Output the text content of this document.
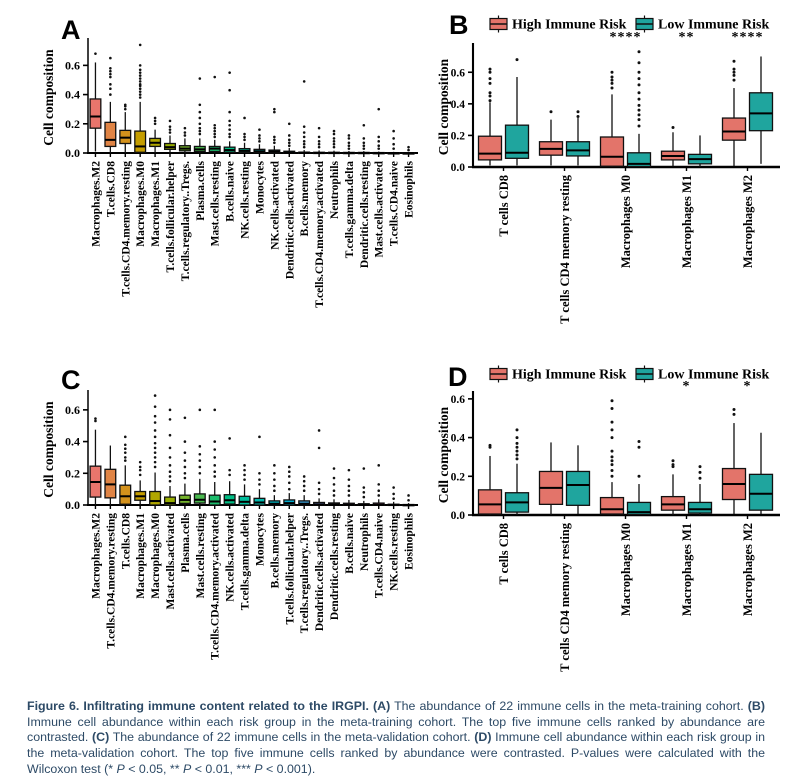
A
Cell composition
0.0
0.2
0.4
0.6
Macrophages.M2 T.cells.CD8 T.cells.CD4.memory.resting Macrophages.M0 Macrophages.M1 T.cells.follicular.helper T.cells.regulatory..Tregs. Plasma.cells Mast.cells.resting B.cells.naive NK.cells.resting Monocytes NK.cells.activated Dendritic.cells.activated B.cells.memory T.cells.CD4.memory.activated Neutrophils T.cells.gamma.delta Dendritic.cells.resting Mast.cells.activated T.cells.CD4.naive Eosinophils
B
Cell composition
0.0
0.2
0.4
0.6
T cells CD8	T cells CD4 memory resting	Macrophages M0
****
Macrophages M1
**
Macrophages M2
****
High Immune Risk Low Immune Risk
C
Cell composition
0.0
0.2
0.4
0.6
Macrophages.M2 T.cells.CD4.memory.resting T.cells.CD8 Macrophages.M1 Macrophages.M0 Mast.cells.activated Plasma.cells Mast.cells.resting T.cells.CD4.memory.activated NK.cells.activated T.cells.gamma.delta Monocytes B.cells.memory T.cells.follicular.helper T.cells.regulatory..Tregs. Dendritic.cells.activated Dendritic.cells.resting B.cells.naive Neutrophils T.cells.CD4.naive NK.cells.resting Eosinophils
D
Cell composition
0.0
0.2
0.4
0.6
T cells CD8	T cells CD4 memory resting	Macrophages M0	Macrophages M1
*
Macrophages M2
*
High Immune Risk Low Immune Risk

Figure 6. Infiltrating immune content related to the IRGPI. (A) The abundance of 22 immune cells in the meta-training cohort. (B) Immune cell abundance within each risk group in the meta-training cohort. The top five immune cells ranked by abundance are contrasted. (C) The abundance of 22 immune cells in the meta-validation cohort. (D) Immune cell abundance within each risk group in the meta-validation cohort. The top five immune cells ranked by abundance were contrasted. P-values were calculated with the Wilcoxon test (* P < 0.05, ** P < 0.01, *** P < 0.001).
